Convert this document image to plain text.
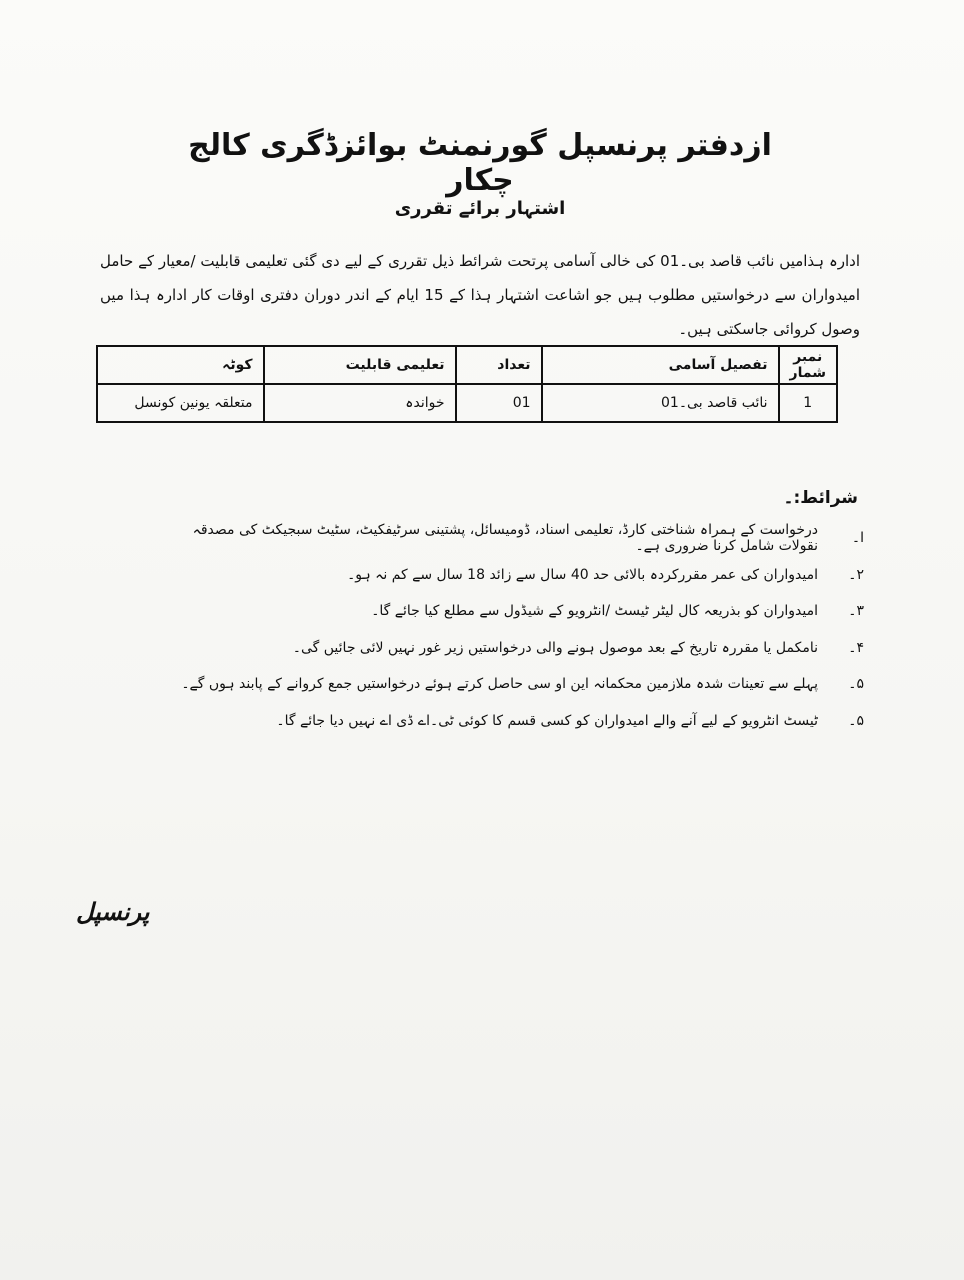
ازدفتر پرنسپل گورنمنٹ بوائزڈگری کالج چکار
اشتہار برائے تقرری

ادارہ ہذامیں نائب قاصد بی۔01 کی خالی آسامی پرتحت شرائط ذیل تقرری کے لیے دی گئی تعلیمی قابلیت /معیار کے حامل امیدواران سے درخواستیں مطلوب ہیں جو اشاعت اشتہار ہذا کے 15 ایام کے اندر دوران دفتری اوقات کار ادارہ ہذا میں وصول کروائی جاسکتی ہیں۔

نمبر شمار	تفصیل آسامی	تعداد	تعلیمی قابلیت	کوٹہ
1	نائب قاصد بی۔01	01	خواندہ	متعلقہ یونین کونسل
شرائط:۔
ا۔
درخواست کے ہمراہ شناختی کارڈ، تعلیمی اسناد، ڈومیسائل، پشتینی سرٹیفکیٹ، سٹیٹ سبجیکٹ کی مصدقہ نقولات شامل کرنا ضروری ہے۔
۲۔
امیدواران کی عمر مقررکردہ بالائی حد 40 سال سے زائد 18 سال سے کم نہ ہو۔
۳۔
امیدواران کو بذریعہ کال لیٹر ٹیسٹ /انٹرویو کے شیڈول سے مطلع کیا جائے گا۔
۴۔
نامکمل یا مقررہ تاریخ کے بعد موصول ہونے والی درخواستیں زیر غور نہیں لائی جائیں گی۔
۵۔
پہلے سے تعینات شدہ ملازمین محکمانہ این او سی حاصل کرتے ہوئے درخواستیں جمع کروانے کے پابند ہوں گے۔
۵۔
ٹیسٹ انٹرویو کے لیے آنے والے امیدواران کو کسی قسم کا کوئی ٹی۔اے ڈی اے نہیں دیا جائے گا۔
پرنسپل
